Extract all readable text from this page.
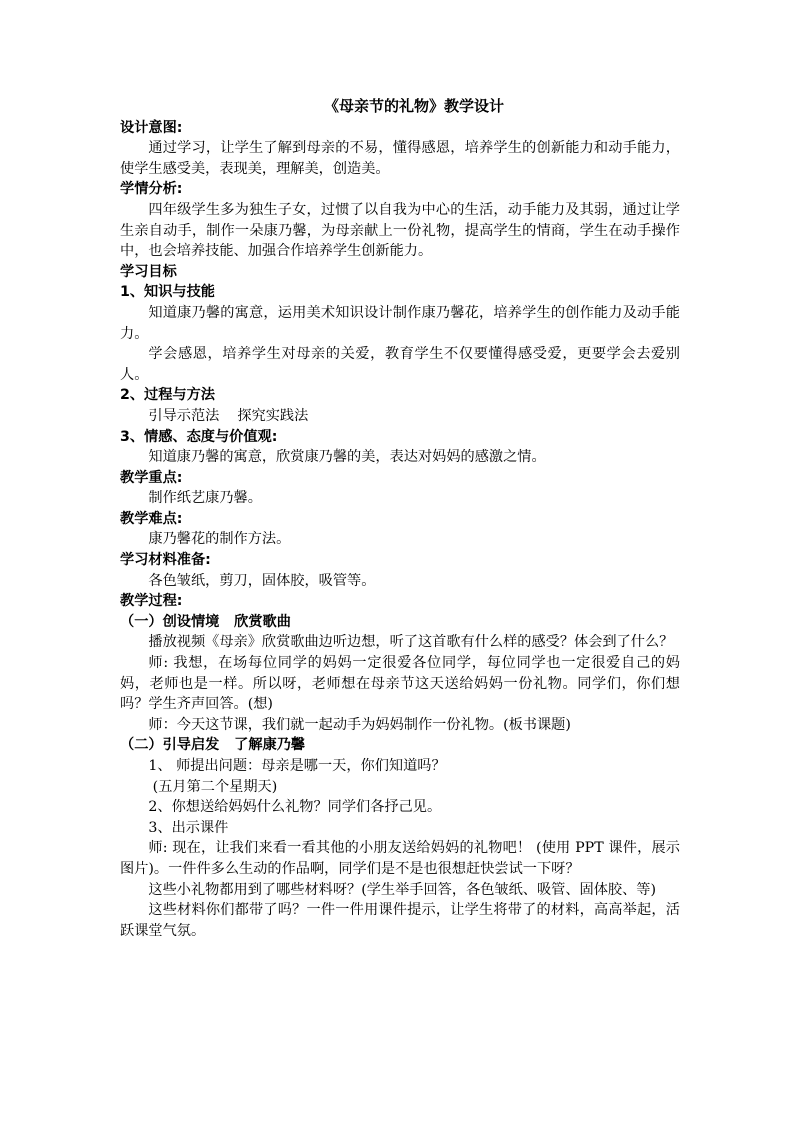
《母亲节的礼物》教学设计
设计意图:
通过学习，让学生了解到母亲的不易，懂得感恩，培养学生的创新能力和动手能力，使学生感受美，表现美，理解美，创造美。
学情分析:
四年级学生多为独生子女，过惯了以自我为中心的生活，动手能力及其弱，通过让学生亲自动手，制作一朵康乃馨，为母亲献上一份礼物，提高学生的情商，学生在动手操作中，也会培养技能、加强合作培养学生创新能力。
学习目标
1、知识与技能
知道康乃馨的寓意，运用美术知识设计制作康乃馨花，培养学生的创作能力及动手能力。
学会感恩，培养学生对母亲的关爱，教育学生不仅要懂得感受爱，更要学会去爱别人。
2、过程与方法
引导示范法    探究实践法
3、情感、态度与价值观:
知道康乃馨的寓意，欣赏康乃馨的美，表达对妈妈的感激之情。
教学重点:
制作纸艺康乃馨。
教学难点:
康乃馨花的制作方法。
学习材料准备:
各色皱纸，剪刀，固体胶，吸管等。
教学过程:
（一）创设情境   欣赏歌曲
播放视频《母亲》欣赏歌曲边听边想，听了这首歌有什么样的感受？体会到了什么？
师: 我想，在场每位同学的妈妈一定很爱各位同学，每位同学也一定很爱自己的妈妈，老师也是一样。所以呀，老师想在母亲节这天送给妈妈一份礼物。同学们，你们想吗？学生齐声回答。(想)
师：今天这节课，我们就一起动手为妈妈制作一份礼物。(板书课题)
（二）引导启发   了解康乃馨
1、 师提出问题：母亲是哪一天，你们知道吗？
(五月第二个星期天)
2、你想送给妈妈什么礼物？同学们各抒己见。
3、出示课件
师: 现在，让我们来看一看其他的小朋友送给妈妈的礼物吧！ (使用 PPT 课件，展示图片)。一件件多么生动的作品啊，同学们是不是也很想赶快尝试一下呀？
这些小礼物都用到了哪些材料呀？(学生举手回答，各色皱纸、吸管、固体胶、等)
这些材料你们都带了吗？一件一件用课件提示，让学生将带了的材料，高高举起，活跃课堂气氛。
